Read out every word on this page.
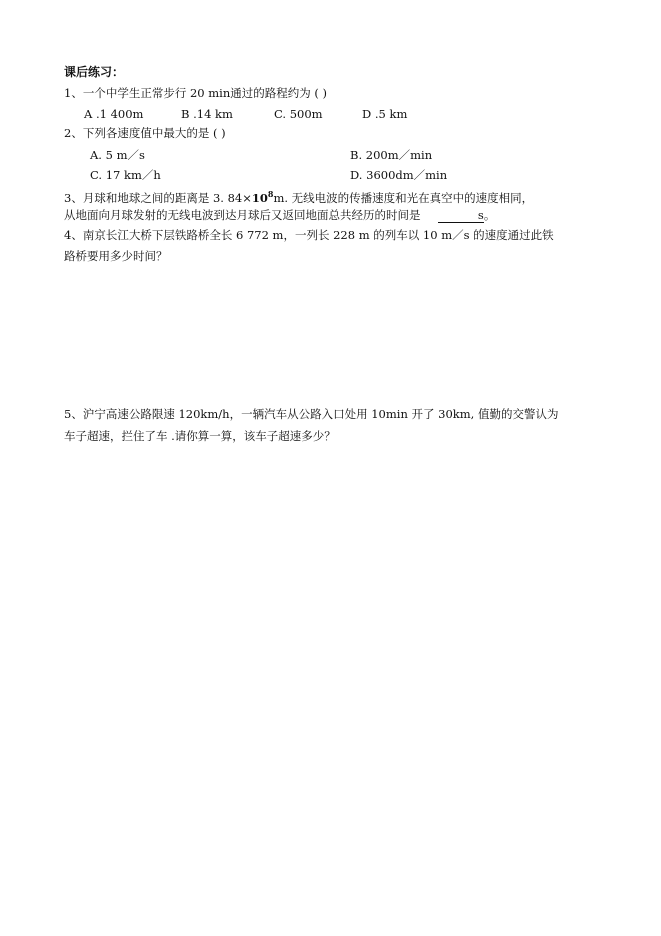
课后练习：
1、一个中学生正常步行 20 min通过的路程约为 ( )
A .1 400m	B .14 km	C. 500m	D .5 km
2、下列各速度值中最大的是 ( )
A. 5 m／s	B. 200m／min
C. 17 km／h	D. 3600dm／min
3、月球和地球之间的距离是 3. $84\times 10^8m$. 无线电波的传播速度和光在真空中的速度相同，
从地面向月球发射的无线电波到达月球后又返回地面总共经历的时间是	s。
4、南京长江大桥下层铁路桥全长 6 772 m，一列长 228 m 的列车以 10 m／s 的速度通过此铁
路桥要用多少时间？
5、沪宁高速公路限速 120km/h，一辆汽车从公路入口处用 10min 开了 30km, 值勤的交警认为
车子超速，拦住了车 .请你算一算，该车子超速多少？
